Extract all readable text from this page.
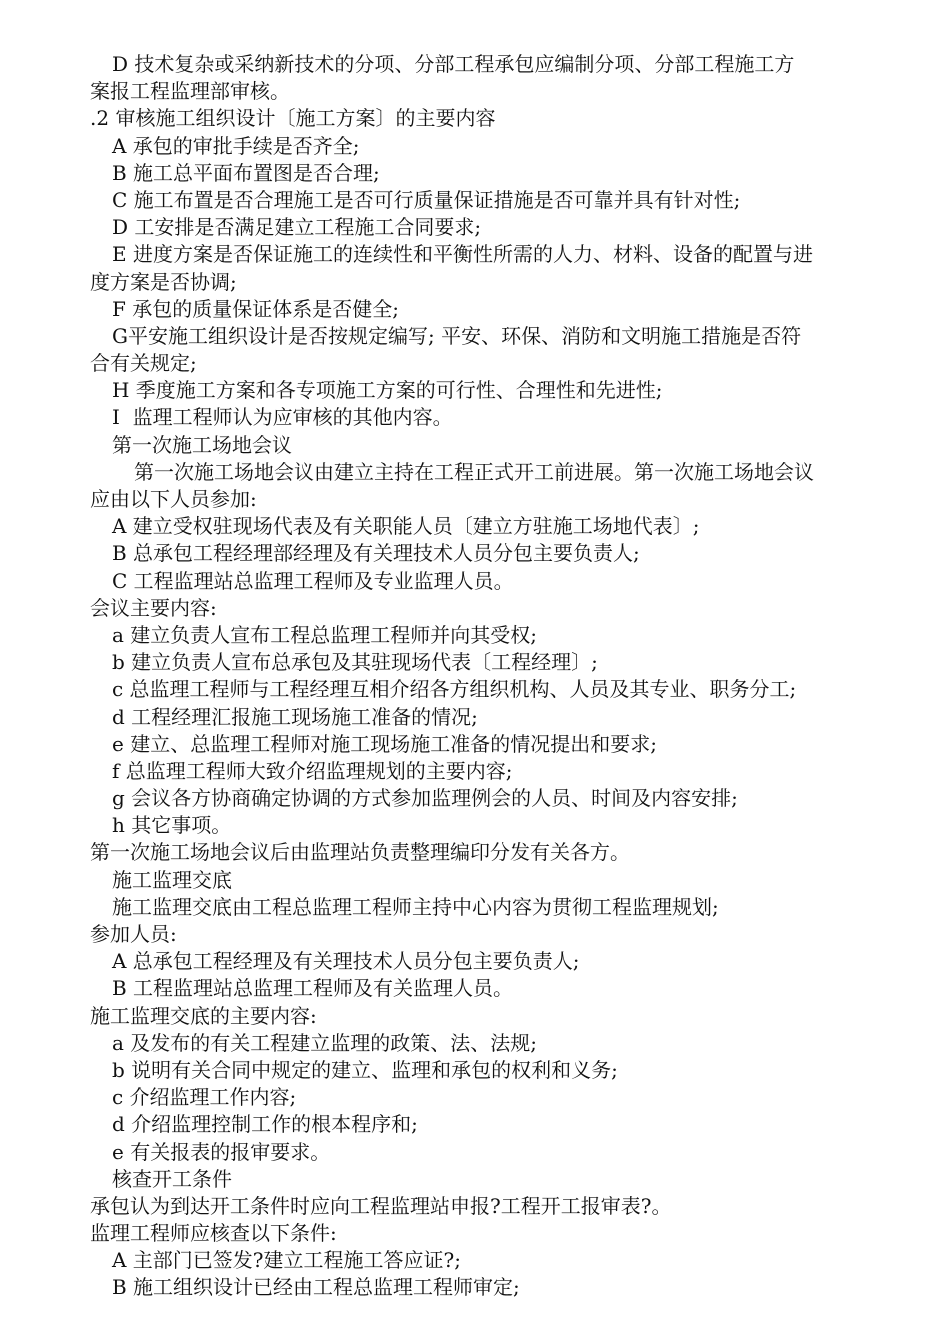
D 技术复杂或采纳新技术的分项、分部工程承包应编制分项、分部工程施工方
案报工程监理部审核。
.2 审核施工组织设计〔施工方案〕的主要内容
A 承包的审批手续是否齐全;
B 施工总平面布置图是否合理;
C 施工布置是否合理施工是否可行质量保证措施是否可靠并具有针对性;
D 工安排是否满足建立工程施工合同要求;
E 进度方案是否保证施工的连续性和平衡性所需的人力、材料、设备的配置与进
度方案是否协调;
F 承包的质量保证体系是否健全;
G平安施工组织设计是否按规定编写; 平安、环保、消防和文明施工措施是否符
合有关规定;
H 季度施工方案和各专项施工方案的可行性、合理性和先进性;
I  监理工程师认为应审核的其他内容。
第一次施工场地会议
第一次施工场地会议由建立主持在工程正式开工前进展。第一次施工场地会议
应由以下人员参加:
A 建立受权驻现场代表及有关职能人员〔建立方驻施工场地代表〕;
B 总承包工程经理部经理及有关理技术人员分包主要负责人;
C 工程监理站总监理工程师及专业监理人员。
会议主要内容:
a 建立负责人宣布工程总监理工程师并向其受权;
b 建立负责人宣布总承包及其驻现场代表〔工程经理〕;
c 总监理工程师与工程经理互相介绍各方组织机构、人员及其专业、职务分工;
d 工程经理汇报施工现场施工准备的情况;
e 建立、总监理工程师对施工现场施工准备的情况提出和要求;
f 总监理工程师大致介绍监理规划的主要内容;
g 会议各方协商确定协调的方式参加监理例会的人员、时间及内容安排;
h 其它事项。
第一次施工场地会议后由监理站负责整理编印分发有关各方。
施工监理交底
施工监理交底由工程总监理工程师主持中心内容为贯彻工程监理规划;
参加人员:
A 总承包工程经理及有关理技术人员分包主要负责人;
B 工程监理站总监理工程师及有关监理人员。
施工监理交底的主要内容:
a 及发布的有关工程建立监理的政策、法、法规;
b 说明有关合同中规定的建立、监理和承包的权利和义务;
c 介绍监理工作内容;
d 介绍监理控制工作的根本程序和;
e 有关报表的报审要求。
核查开工条件
承包认为到达开工条件时应向工程监理站申报?工程开工报审表?。
监理工程师应核查以下条件:
A 主部门已签发?建立工程施工答应证?;
B 施工组织设计已经由工程总监理工程师审定;
